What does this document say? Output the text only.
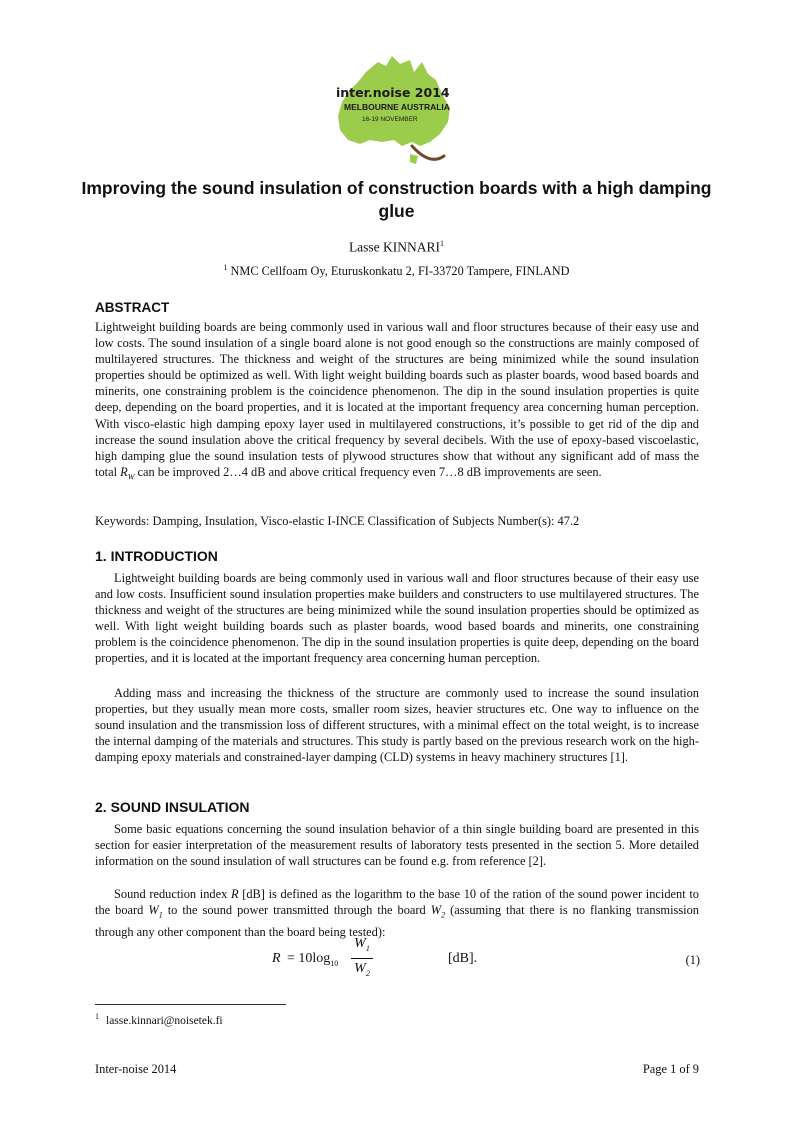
inter.noise 2014
MELBOURNE AUSTRALIA
16-19 NOVEMBER
Improving the sound insulation of construction boards with a high damping glue
Lasse KINNARI$^1$
$^1$ NMC Cellfoam Oy, Eturuskonkatu 2, FI-33720 Tampere, FINLAND
ABSTRACT

Lightweight building boards are being commonly used in various wall and floor structures because of their easy use and low costs. The sound insulation of a single board alone is not good enough so the constructions are mainly composed of multilayered structures. The thickness and weight of the structures are being minimized while the sound insulation properties should be optimized as well. With light weight building boards such as plaster boards, wood based boards and minerits, one constraining problem is the coincidence phenomenon. The dip in the sound insulation properties is quite deep, depending on the board properties, and it is located at the important frequency area concerning human perception. With visco-elastic high damping epoxy layer used in multilayered constructions, it’s possible to get rid of the dip and increase the sound insulation above the critical frequency by several decibels. With the use of epoxy-based viscoelastic, high damping glue the sound insulation tests of plywood structures show that without any significant add of mass the total $R_W$ can be improved 2…4 dB and above critical frequency even 7…8 dB improvements are seen.

Keywords: Damping, Insulation, Visco-elastic I-INCE Classification of Subjects Number(s): 47.2

1. INTRODUCTION

Lightweight building boards are being commonly used in various wall and floor structures because of their easy use and low costs. Insufficient sound insulation properties make builders and constructers to use multilayered structures. The thickness and weight of the structures are being minimized while the sound insulation properties should be optimized as well. With light weight building boards such as plaster boards, wood based boards and minerits, one constraining problem is the coincidence phenomenon. The dip in the sound insulation properties is quite deep, depending on the board properties, and it is located at the important frequency area concerning human perception.

Adding mass and increasing the thickness of the structure are commonly used to increase the sound insulation properties, but they usually mean more costs, smaller room sizes, heavier structures etc. One way to influence on the sound insulation and the transmission loss of different structures, with a minimal effect on the total weight, is to increase the internal damping of the materials and structures. This study is partly based on the previous research work on the high-damping epoxy materials and constrained-layer damping (CLD) systems in heavy machinery structures [1].

2. SOUND INSULATION

Some basic equations concerning the sound insulation behavior of a thin single building board are presented in this section for easier interpretation of the measurement results of laboratory tests presented in the section 5. More detailed information on the sound insulation of wall structures can be found e.g. from reference [2].

Sound reduction index R [dB] is defined as the logarithm to the base 10 of the ration of the sound power incident to the board $W_1$ to the sound power transmitted through the board $W_2$ (assuming that there is no flanking transmission through any other component than the board being tested):

$R = 10\log_{10}$
$W_1$
$W_2$
[dB].	(1)
$^1$ lasse.kinnari@noisetek.fi
Inter-noise 2014	Page 1 of 9
